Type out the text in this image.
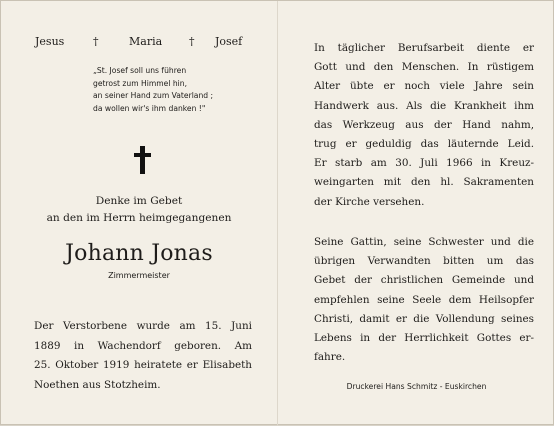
Jesus	†	Maria † Josef
„St. Josef soll uns führen
getrost zum Himmel hin,
an seiner Hand zum Vaterland ;
da wollen wir's ihm danken !"
Denke im Gebet
an den im Herrn heimgegangenen
Johann Jonas
Zimmermeister
Der Verstorbene wurde am 15. Juni
1889 in Wachendorf geboren. Am
25. Oktober 1919 heiratete er Elisabeth
Noethen aus Stotzheim.
In täglicher Berufsarbeit diente er
Gott und den Menschen. In rüstigem
Alter übte er noch viele Jahre sein
Handwerk aus. Als die Krankheit ihm
das Werkzeug aus der Hand nahm,
trug er geduldig das läuternde Leid.
Er starb am 30. Juli 1966 in Kreuz-
weingarten mit den hl. Sakramenten
der Kirche versehen.
Seine Gattin, seine Schwester und die
übrigen Verwandten bitten um das
Gebet der christlichen Gemeinde und
empfehlen seine Seele dem Heilsopfer
Christi, damit er die Vollendung seines
Lebens in der Herrlichkeit Gottes er-
fahre.
Druckerei Hans Schmitz - Euskirchen
